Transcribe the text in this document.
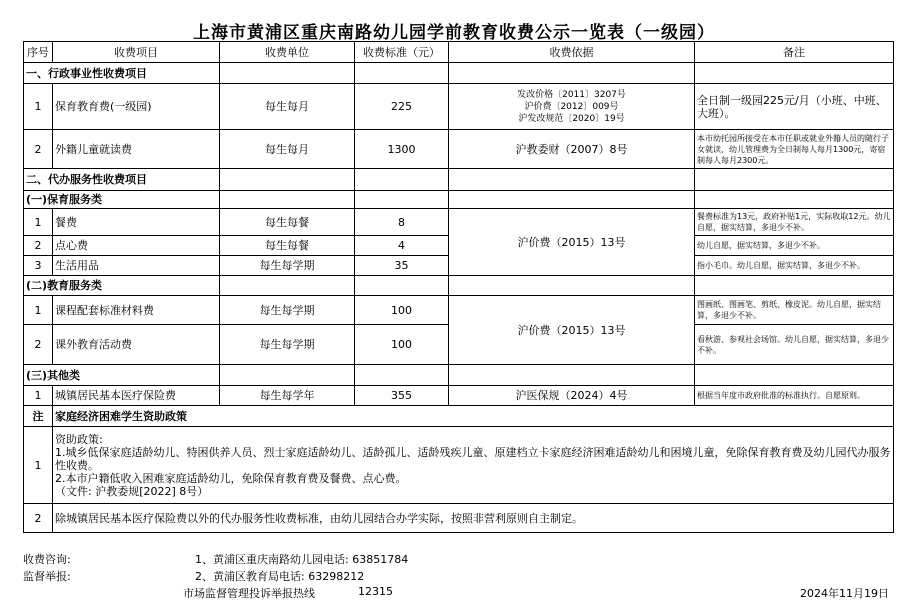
上海市黄浦区重庆南路幼儿园学前教育收费公示一览表（一级园）
序号	收费项目	收费单位	收费标准（元）	收费依据	备注
一、行政事业性收费项目					
1	保育教育费(一级园)	每生每月	225	发改价格〔2011〕3207号
沪价费〔2012〕009号
沪发改规范〔2020〕19号	全日制一级园225元/月（小班、中班、 大班）。
2	外籍儿童就读费	每生每月	1300	沪教委财（2007）8号	本市幼托园所接受在本市任职或就业外籍人员的随行子女就读，幼儿管理费为全日制每人每月1300元，寄宿制每人每月2300元。
二、代办服务性收费项目					
(一)保育服务类					
1	餐费	每生每餐	8	沪价费（2015）13号	餐费标准为13元，政府补贴1元，实际收取12元。幼儿自愿，据实结算，多退少不补。
2	点心费	每生每餐	4		幼儿自愿，据实结算，多退少不补。
3	生活用品	每生每学期	35		指小毛巾。幼儿自愿，据实结算，多退少不补。
(二)教育服务类					
1	课程配套标准材料费	每生每学期	100	沪价费（2015）13号	图画纸、图画笔、剪纸、橡皮泥。幼儿自愿，据实结算，多退少不补。
2	课外教育活动费	每生每学期	100		看秋游、参观社会场馆。幼儿自愿，据实结算，多退少不补。
(三)其他类					
1	城镇居民基本医疗保险费	每生每学年	355	沪医保规（2024）4号	根据当年度市政府批准的标准执行。自愿原则。
注	家庭经济困难学生资助政策				
1	资助政策:
1.城乡低保家庭适龄幼儿、特困供养人员、烈士家庭适龄幼儿、适龄孤儿、适龄残疾儿童、原建档立卡家庭经济困难适龄幼儿和困境儿童，免除保育教育费及幼儿园代办服务性收费。
2.本市户籍低收入困难家庭适龄幼儿，免除保育教育费及餐费、点心费。
（文件: 沪教委规[2022] 8号）				

2	除城镇居民基本医疗保险费以外的代办服务性收费标准，由幼儿园结合办学实际，按照非营利原则自主制定。				
收费咨询:	1、黄浦区重庆南路幼儿园电话: 63851784
监督举报:	2、黄浦区教育局电话: 63298212
市场监督管理投诉举报热线	12315	2024年11月19日
